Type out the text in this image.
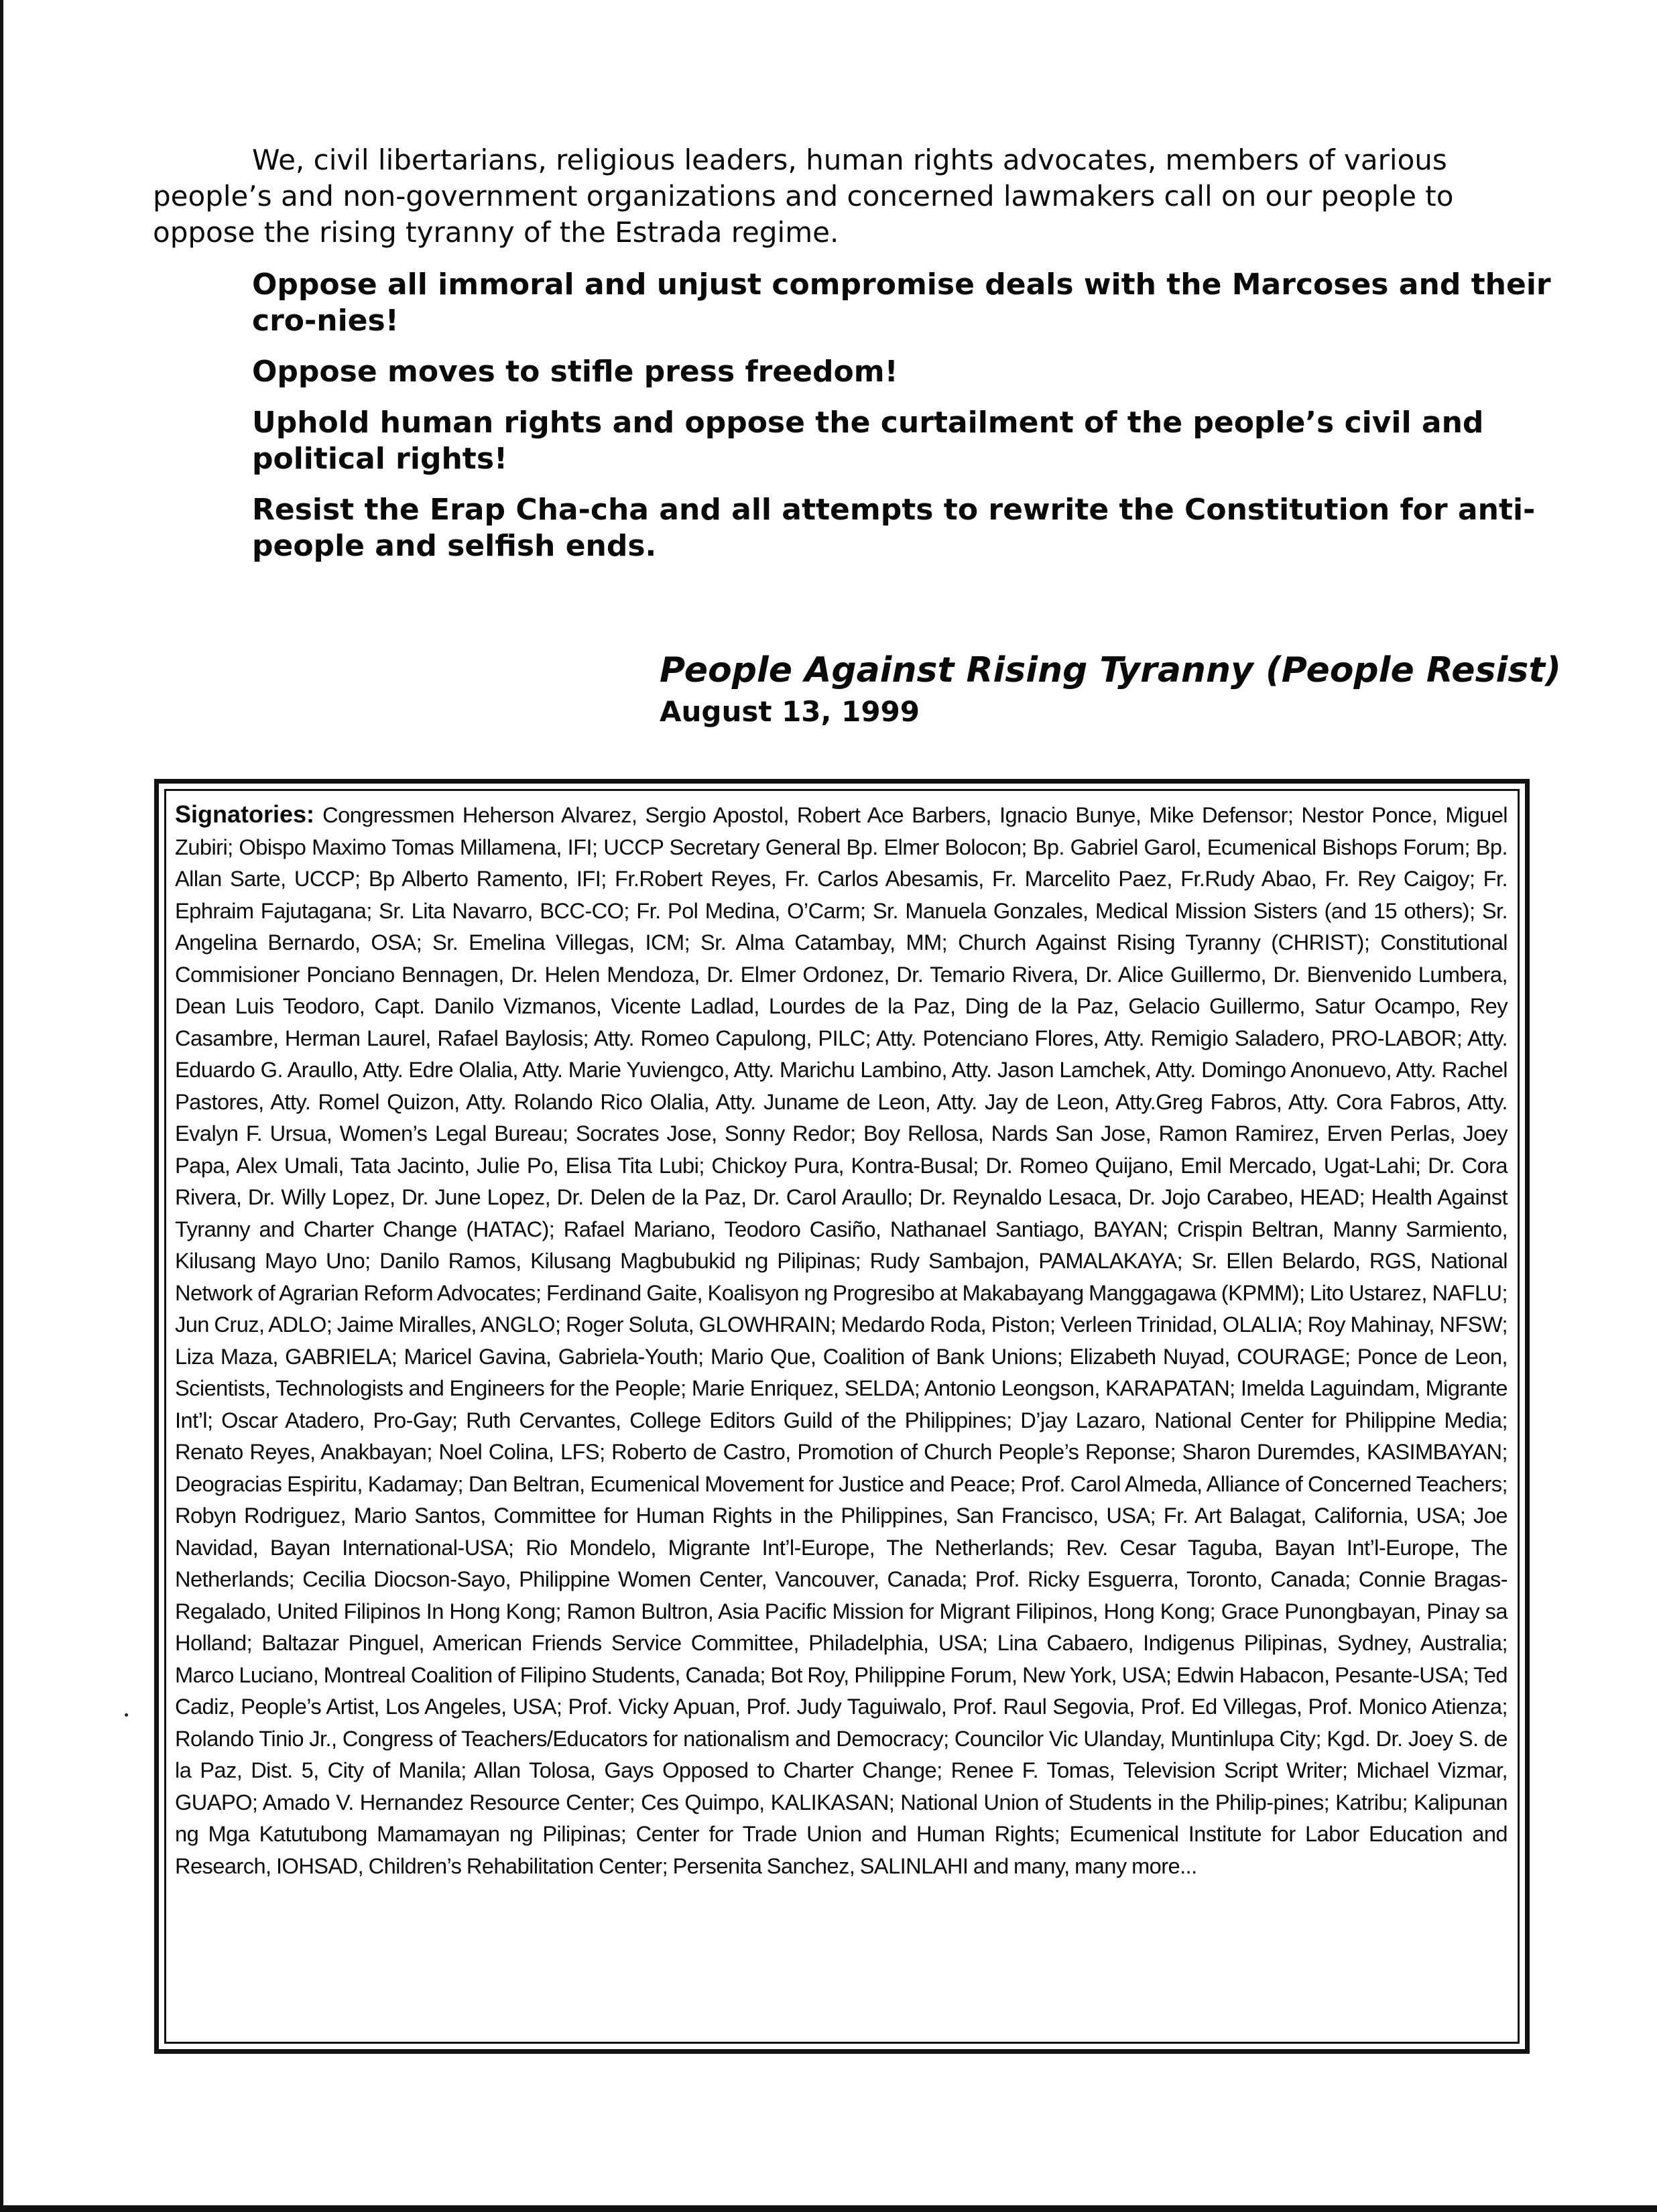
We, civil libertarians, religious leaders, human rights advocates, members of various people’s and non-government organizations and concerned lawmakers call on our people to oppose the rising tyranny of the Estrada regime.

Oppose all immoral and unjust compromise deals with the Marcoses and their cro-nies!
Oppose moves to stifle press freedom!
Uphold human rights and oppose the curtailment of the people’s civil and political rights!
Resist the Erap Cha-cha and all attempts to rewrite the Constitution for anti-people and selfish ends.

People Against Rising Tyranny (People Resist)

August 13, 1999

Signatories: Congressmen Heherson Alvarez, Sergio Apostol, Robert Ace Barbers, Ignacio Bunye, Mike Defensor; Nestor Ponce, Miguel Zubiri; Obispo Maximo Tomas Millamena, IFI; UCCP Secretary General Bp. Elmer Bolocon; Bp. Gabriel Garol, Ecumenical Bishops Forum; Bp. Allan Sarte, UCCP; Bp Alberto Ramento, IFI; Fr.Robert Reyes, Fr. Carlos Abesamis, Fr. Marcelito Paez, Fr.Rudy Abao, Fr. Rey Caigoy; Fr. Ephraim Fajutagana; Sr. Lita Navarro, BCC-CO; Fr. Pol Medina, O’Carm; Sr. Manuela Gonzales, Medical Mission Sisters (and 15 others); Sr. Angelina Bernardo, OSA; Sr. Emelina Villegas, ICM; Sr. Alma Catambay, MM; Church Against Rising Tyranny (CHRIST); Constitutional Commisioner Ponciano Bennagen, Dr. Helen Mendoza, Dr. Elmer Ordonez, Dr. Temario Rivera, Dr. Alice Guillermo, Dr. Bienvenido Lumbera, Dean Luis Teodoro, Capt. Danilo Vizmanos, Vicente Ladlad, Lourdes de la Paz, Ding de la Paz, Gelacio Guillermo, Satur Ocampo, Rey Casambre, Herman Laurel, Rafael Baylosis; Atty. Romeo Capulong, PILC; Atty. Potenciano Flores, Atty. Remigio Saladero, PRO-LABOR; Atty. Eduardo G. Araullo, Atty. Edre Olalia, Atty. Marie Yuviengco, Atty. Marichu Lambino, Atty. Jason Lamchek, Atty. Domingo Anonuevo, Atty. Rachel Pastores, Atty. Romel Quizon, Atty. Rolando Rico Olalia, Atty. Juname de Leon, Atty. Jay de Leon, Atty.Greg Fabros, Atty. Cora Fabros, Atty. Evalyn F. Ursua, Women’s Legal Bureau; Socrates Jose, Sonny Redor; Boy Rellosa, Nards San Jose, Ramon Ramirez, Erven Perlas, Joey Papa, Alex Umali, Tata Jacinto, Julie Po, Elisa Tita Lubi; Chickoy Pura, Kontra-Busal; Dr. Romeo Quijano, Emil Mercado, Ugat-Lahi; Dr. Cora Rivera, Dr. Willy Lopez, Dr. June Lopez, Dr. Delen de la Paz, Dr. Carol Araullo; Dr. Reynaldo Lesaca, Dr. Jojo Carabeo, HEAD; Health Against Tyranny and Charter Change (HATAC); Rafael Mariano, Teodoro Casiño, Nathanael Santiago, BAYAN; Crispin Beltran, Manny Sarmiento, Kilusang Mayo Uno; Danilo Ramos, Kilusang Magbubukid ng Pilipinas; Rudy Sambajon, PAMALAKAYA; Sr. Ellen Belardo, RGS, National Network of Agrarian Reform Advocates; Ferdinand Gaite, Koalisyon ng Progresibo at Makabayang Manggagawa (KPMM); Lito Ustarez, NAFLU; Jun Cruz, ADLO; Jaime Miralles, ANGLO; Roger Soluta, GLOWHRAIN; Medardo Roda, Piston; Verleen Trinidad, OLALIA; Roy Mahinay, NFSW; Liza Maza, GABRIELA; Maricel Gavina, Gabriela-Youth; Mario Que, Coalition of Bank Unions; Elizabeth Nuyad, COURAGE; Ponce de Leon, Scientists, Technologists and Engineers for the People; Marie Enriquez, SELDA; Antonio Leongson, KARAPATAN; Imelda Laguindam, Migrante Int’l; Oscar Atadero, Pro-Gay; Ruth Cervantes, College Editors Guild of the Philippines; D’jay Lazaro, National Center for Philippine Media; Renato Reyes, Anakbayan; Noel Colina, LFS; Roberto de Castro, Promotion of Church People’s Reponse; Sharon Duremdes, KASIMBAYAN; Deogracias Espiritu, Kadamay; Dan Beltran, Ecumenical Movement for Justice and Peace; Prof. Carol Almeda, Alliance of Concerned Teachers; Robyn Rodriguez, Mario Santos, Committee for Human Rights in the Philippines, San Francisco, USA; Fr. Art Balagat, California, USA; Joe Navidad, Bayan International-USA; Rio Mondelo, Migrante Int’l-Europe, The Netherlands; Rev. Cesar Taguba, Bayan Int’l-Europe, The Netherlands; Cecilia Diocson-Sayo, Philippine Women Center, Vancouver, Canada; Prof. Ricky Esguerra, Toronto, Canada; Connie Bragas-Regalado, United Filipinos In Hong Kong; Ramon Bultron, Asia Pacific Mission for Migrant Filipinos, Hong Kong; Grace Punongbayan, Pinay sa Holland; Baltazar Pinguel, American Friends Service Committee, Philadelphia, USA; Lina Cabaero, Indigenus Pilipinas, Sydney, Australia; Marco Luciano, Montreal Coalition of Filipino Students, Canada; Bot Roy, Philippine Forum, New York, USA; Edwin Habacon, Pesante-USA; Ted Cadiz, People’s Artist, Los Angeles, USA; Prof. Vicky Apuan, Prof. Judy Taguiwalo, Prof. Raul Segovia, Prof. Ed Villegas, Prof. Monico Atienza; Rolando Tinio Jr., Congress of Teachers/Educators for nationalism and Democracy; Councilor Vic Ulanday, Muntinlupa City; Kgd. Dr. Joey S. de la Paz, Dist. 5, City of Manila; Allan Tolosa, Gays Opposed to Charter Change; Renee F. Tomas, Television Script Writer; Michael Vizmar, GUAPO; Amado V. Hernandez Resource Center; Ces Quimpo, KALIKASAN; National Union of Students in the Philip-pines; Katribu; Kalipunan ng Mga Katutubong Mamamayan ng Pilipinas; Center for Trade Union and Human Rights; Ecumenical Institute for Labor Education and Research, IOHSAD, Children’s Rehabilitation Center; Persenita Sanchez, SALINLAHI and many, many more...
